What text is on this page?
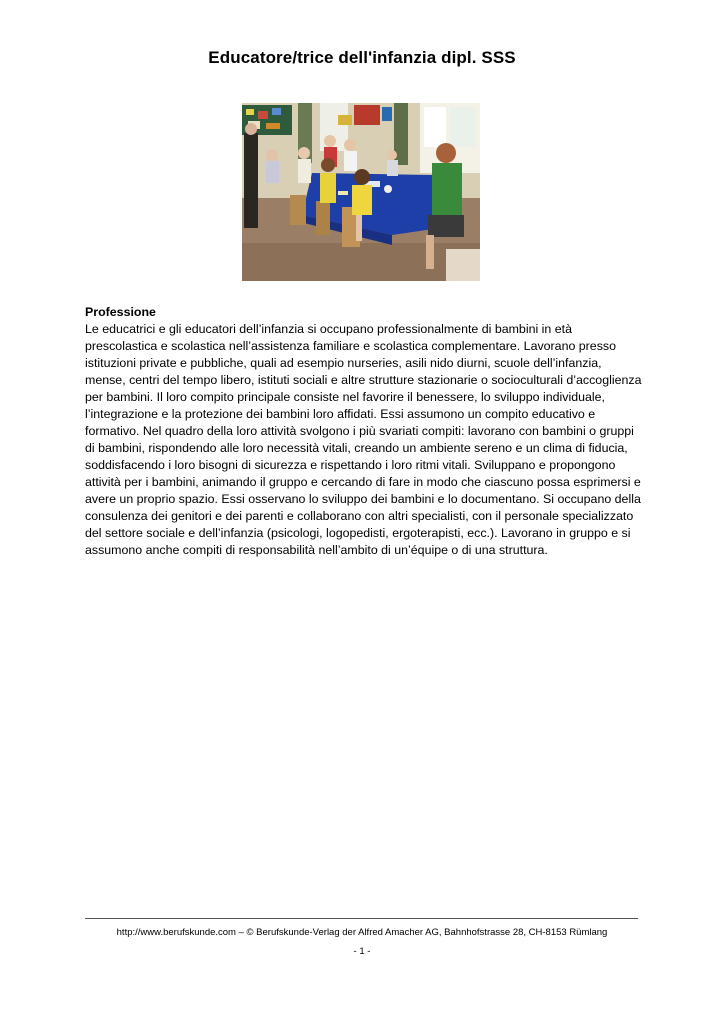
Educatore/trice dell'infanzia dipl. SSS
Professione

Le educatrici e gli educatori dell’infanzia si occupano professionalmente di bambini in età prescolastica e scolastica nell’assistenza familiare e scolastica complementare. Lavorano presso istituzioni private e pubbliche, quali ad esempio nurseries, asili nido diurni, scuole dell’infanzia, mense, centri del tempo libero, istituti sociali e altre strutture stazionarie o socioculturali d’accoglienza per bambini. Il loro compito principale consiste nel favorire il benessere, lo sviluppo individuale, l’integrazione e la protezione dei bambini loro affidati. Essi assumono un compito educativo e formativo. Nel quadro della loro attività svolgono i più svariati compiti: lavorano con bambini o gruppi di bambini, rispondendo alle loro necessità vitali, creando un ambiente sereno e un clima di fiducia, soddisfacendo i loro bisogni di sicurezza e rispettando i loro ritmi vitali. Sviluppano e propongono attività per i bambini, animando il gruppo e cercando di fare in modo che ciascuno possa esprimersi e avere un proprio spazio. Essi osservano lo sviluppo dei bambini e lo documentano. Si occupano della consulenza dei genitori e dei parenti e collaborano con altri specialisti, con il personale specializzato del settore sociale e dell’infanzia (psicologi, logopedisti, ergoterapisti, ecc.). Lavorano in gruppo e si assumono anche compiti di responsabilità nell’ambito di un’équipe o di una struttura.

http://www.berufskunde.com – © Berufskunde-Verlag der Alfred Amacher AG, Bahnhofstrasse 28, CH-8153 Rümlang
- 1 -
